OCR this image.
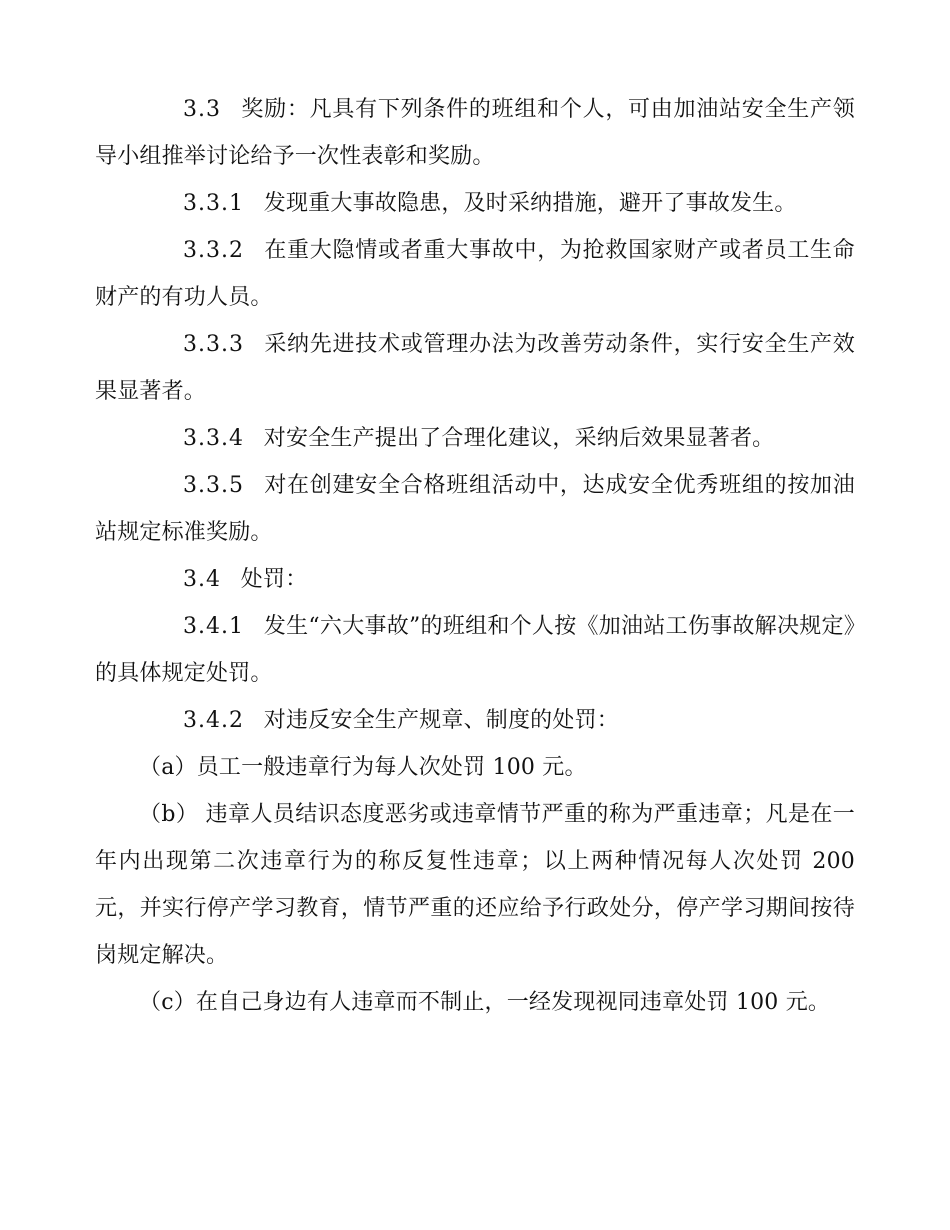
3.3 奖励：凡具有下列条件的班组和个人，可由加油站安全生产领导小组推举讨论给予一次性表彰和奖励。

3.3.1 发现重大事故隐患，及时采纳措施，避开了事故发生。

3.3.2 在重大隐情或者重大事故中，为抢救国家财产或者员工生命财产的有功人员。

3.3.3 采纳先进技术或管理办法为改善劳动条件，实行安全生产效果显著者。

3.3.4 对安全生产提出了合理化建议，采纳后效果显著者。

3.3.5 对在创建安全合格班组活动中，达成安全优秀班组的按加油站规定标准奖励。

3.4 处罚：

3.4.1 发生“六大事故”的班组和个人按《加油站工伤事故解决规定》的具体规定处罚。

3.4.2 对违反安全生产规章、制度的处罚：

（a）员工一般违章行为每人次处罚 100 元。

（b） 违章人员结识态度恶劣或违章情节严重的称为严重违章；凡是在一年内出现第二次违章行为的称反复性违章；以上两种情况每人次处罚 200 元，并实行停产学习教育，情节严重的还应给予行政处分，停产学习期间按待岗规定解决。

（c）在自己身边有人违章而不制止，一经发现视同违章处罚 100 元。
